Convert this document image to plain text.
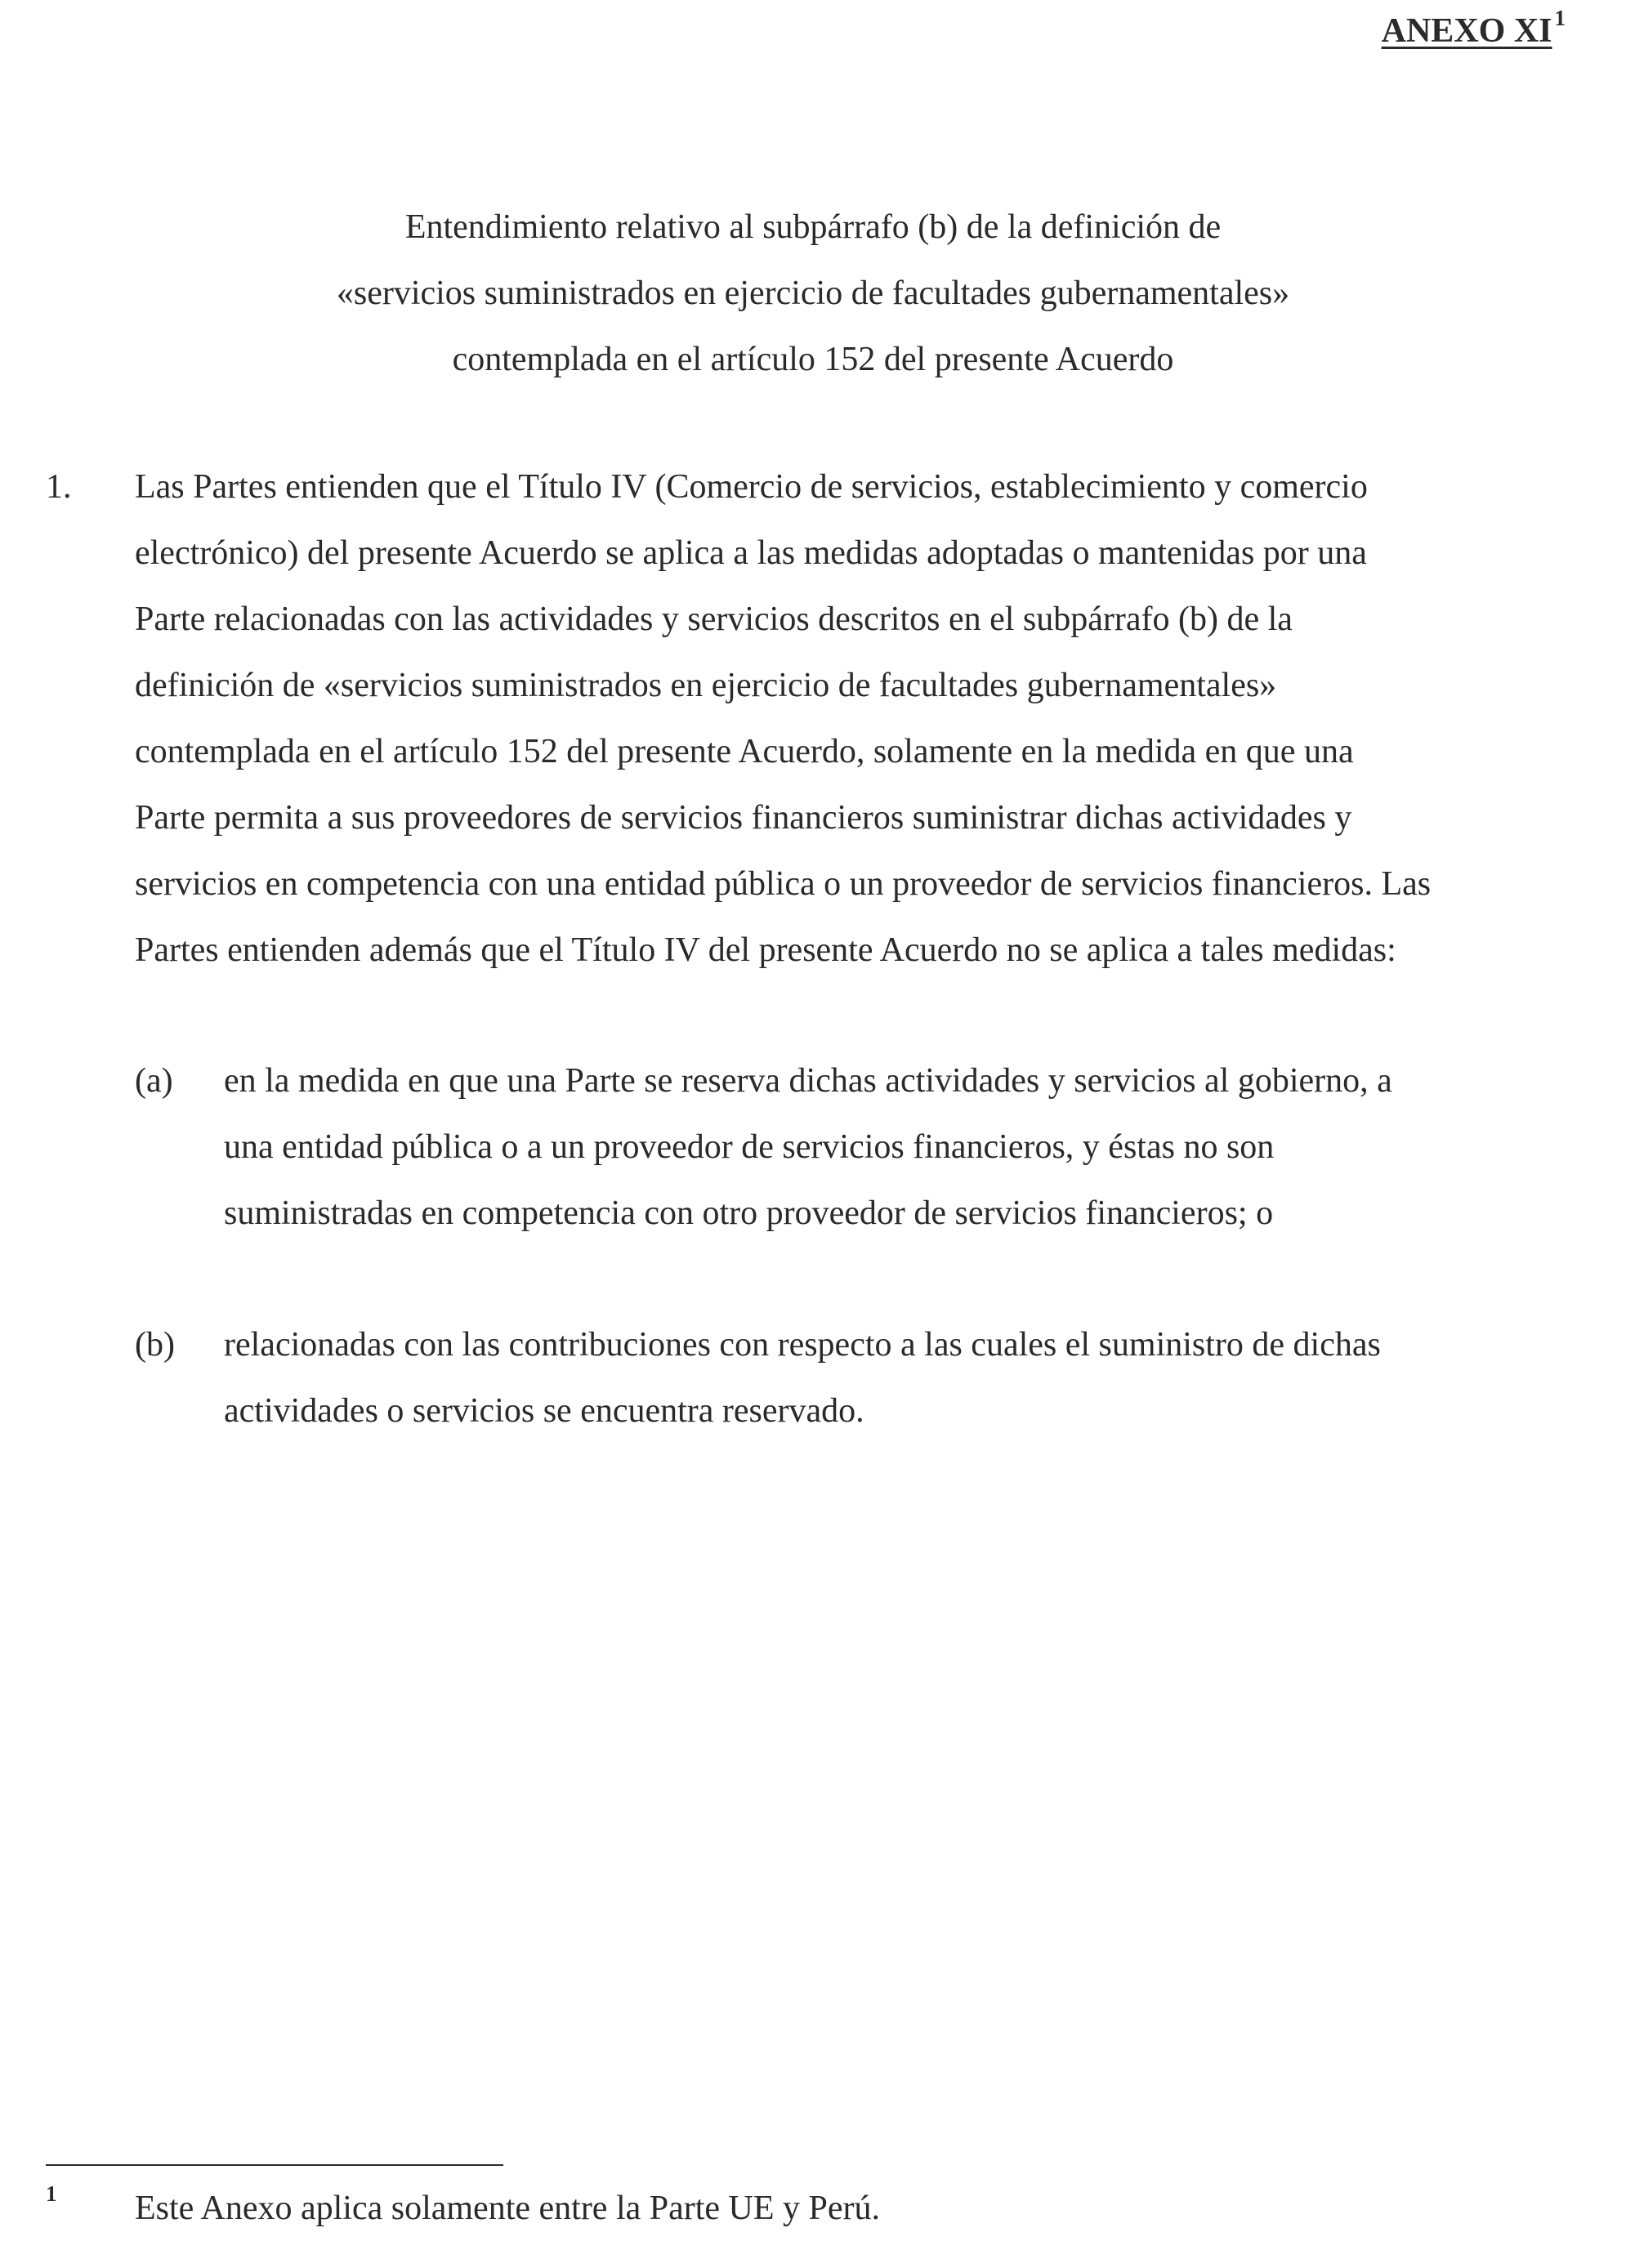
ANEXO XI $^1$
Entendimiento relativo al subpárrafo (b) de la definición de
«servicios suministrados en ejercicio de facultades gubernamentales»
contemplada en el artículo 152 del presente Acuerdo
1. Las Partes entienden que el Título IV (Comercio de servicios, establecimiento y comercio
electrónico) del presente Acuerdo se aplica a las medidas adoptadas o mantenidas por una
Parte relacionadas con las actividades y servicios descritos en el subpárrafo (b) de la
definición de «servicios suministrados en ejercicio de facultades gubernamentales»
contemplada en el artículo 152 del presente Acuerdo, solamente en la medida en que una
Parte permita a sus proveedores de servicios financieros suministrar dichas actividades y
servicios en competencia con una entidad pública o un proveedor de servicios financieros. Las
Partes entienden además que el Título IV del presente Acuerdo no se aplica a tales medidas:
(a) en la medida en que una Parte se reserva dichas actividades y servicios al gobierno, a
una entidad pública o a un proveedor de servicios financieros, y éstas no son
suministradas en competencia con otro proveedor de servicios financieros; o
(b) relacionadas con las contribuciones con respecto a las cuales el suministro de dichas
actividades o servicios se encuentra reservado.
1 Este Anexo aplica solamente entre la Parte UE y Perú.
